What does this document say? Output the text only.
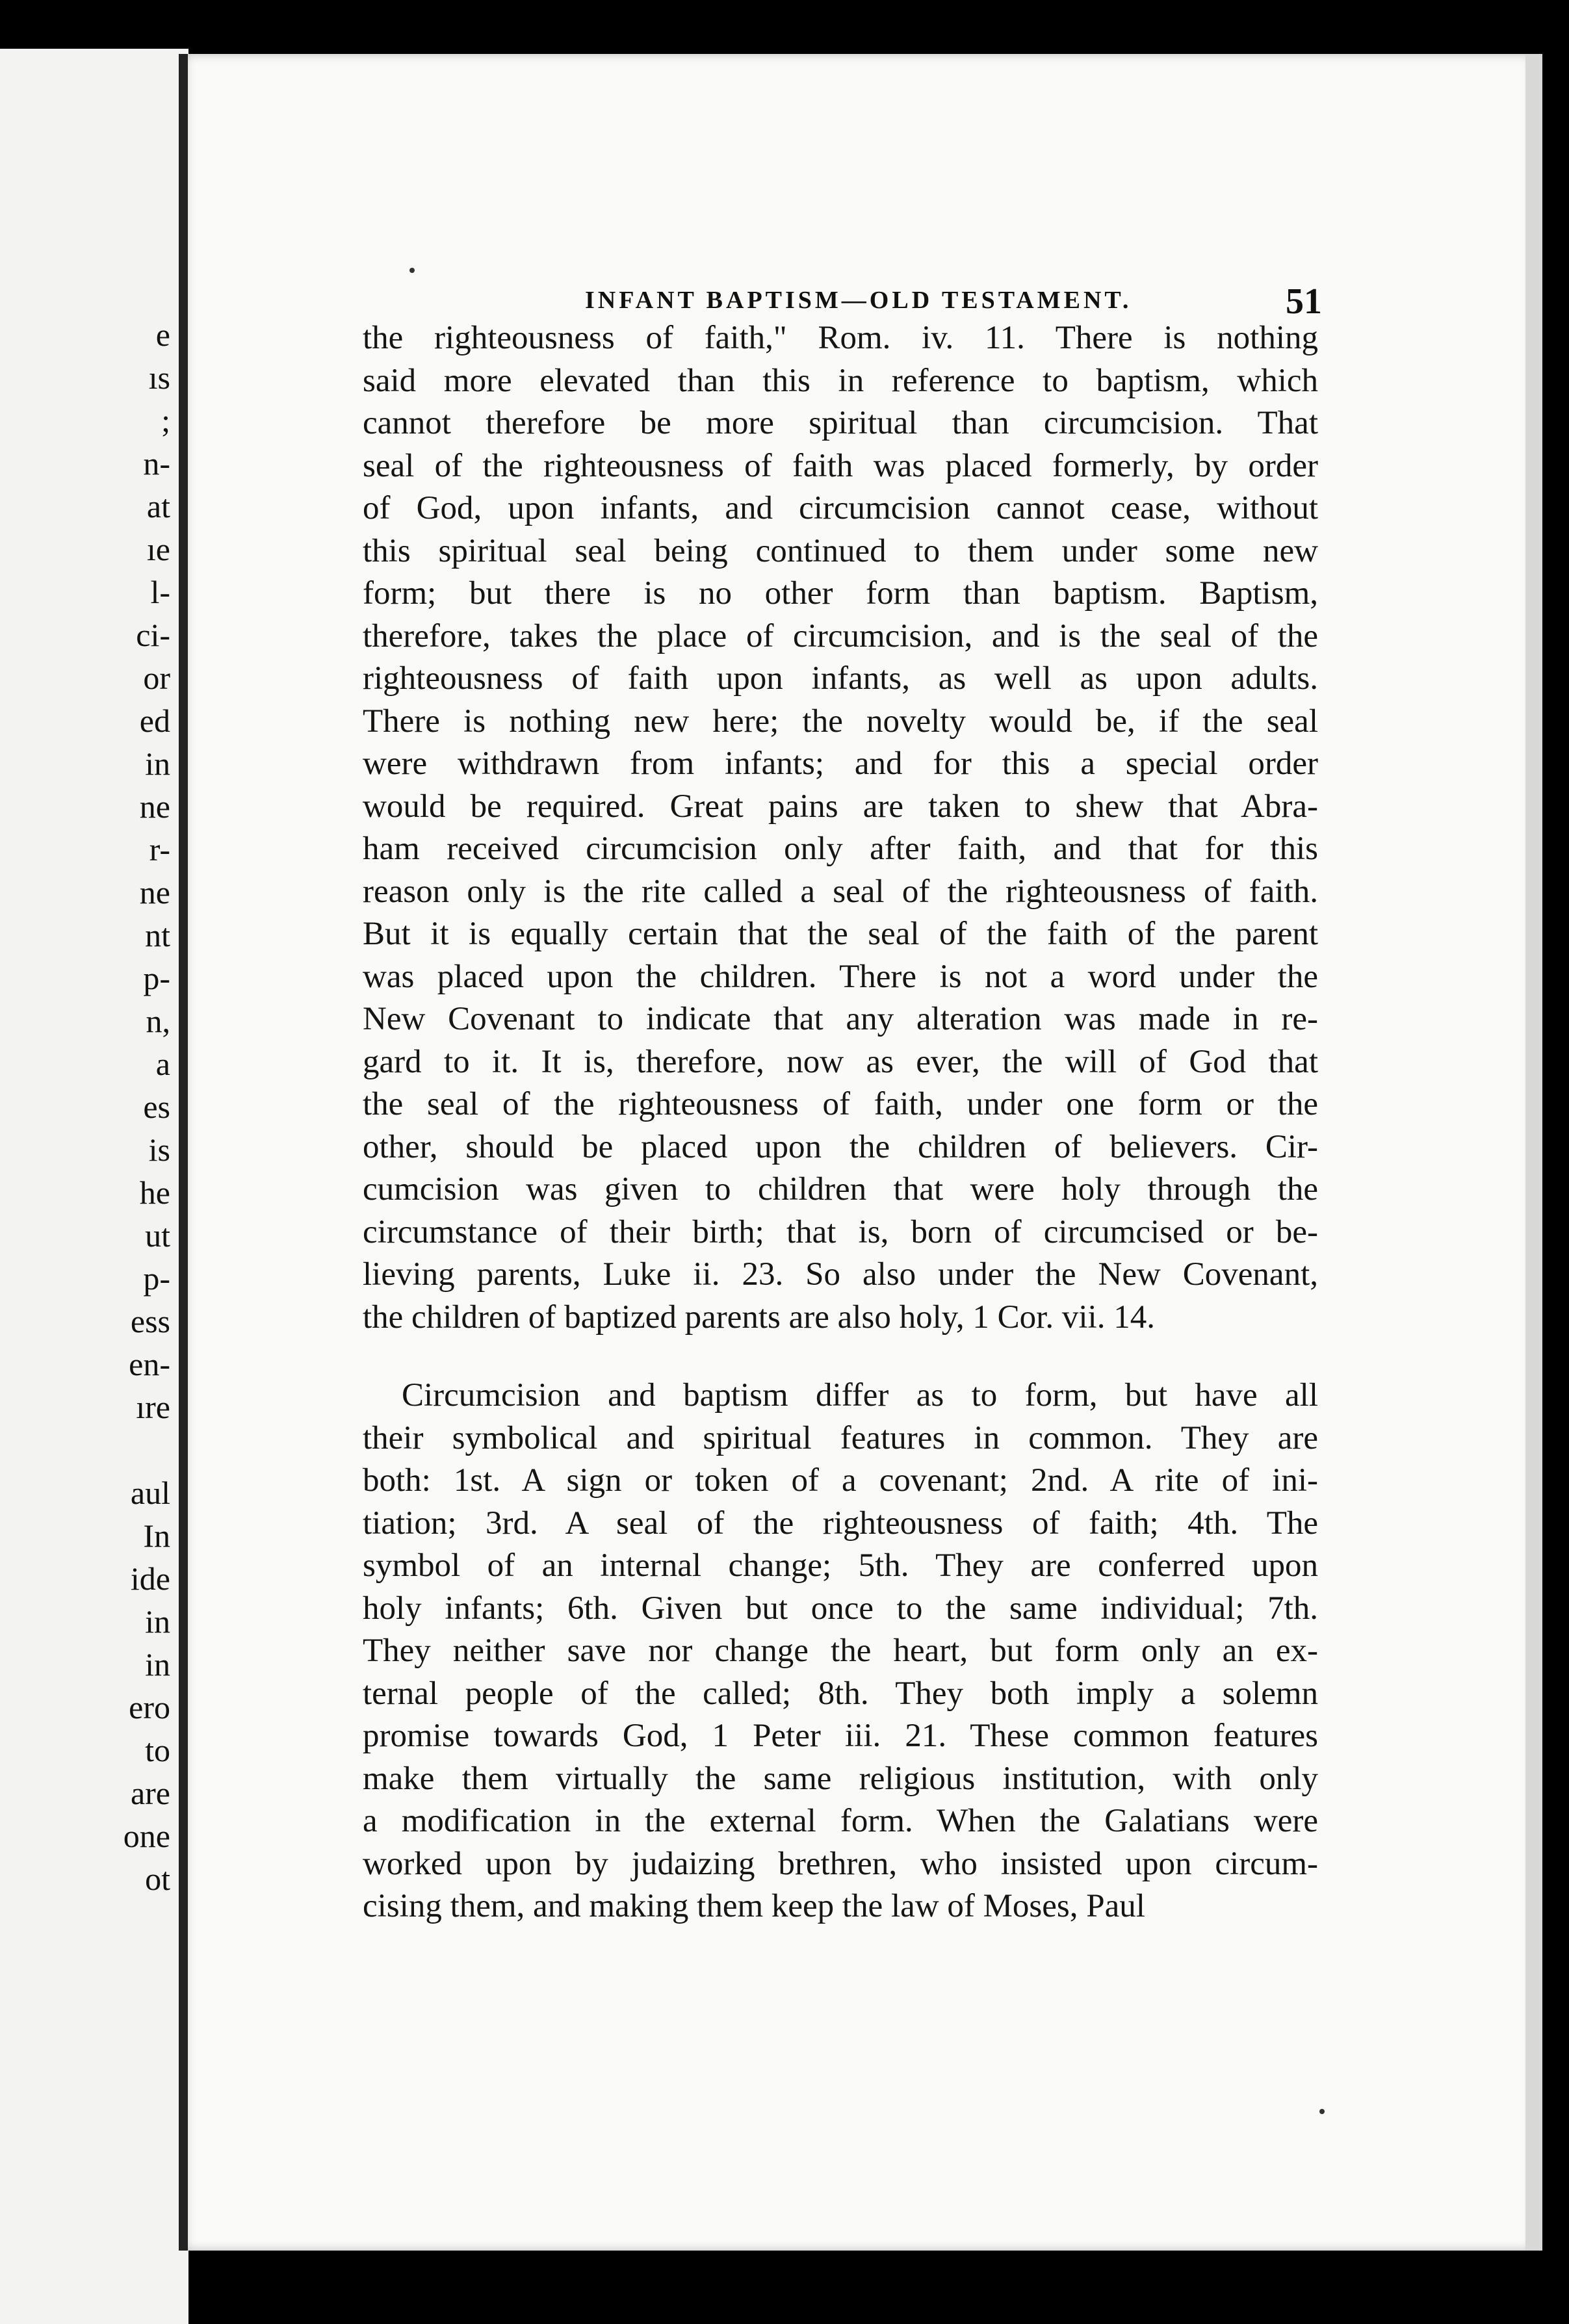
e
ıs
;
n-
at
ıe
l-
ci-
or
ed
in
ne
r-
ne
nt
p-
n,
a
es
is
he
ut
p-
ess
en-
ıre
aul
In
ide
in
in
ero
to
are
one
ot
INFANT BAPTISM—OLD TESTAMENT.	51

the righteousness of faith," Rom. iv. 11. There is nothing

said more elevated than this in reference to baptism, which

cannot therefore be more spiritual than circumcision. That

seal of the righteousness of faith was placed formerly, by order

of God, upon infants, and circumcision cannot cease, without

this spiritual seal being continued to them under some new

form; but there is no other form than baptism. Baptism,

therefore, takes the place of circumcision, and is the seal of the

righteousness of faith upon infants, as well as upon adults.

There is nothing new here; the novelty would be, if the seal

were withdrawn from infants; and for this a special order

would be required. Great pains are taken to shew that Abra-

ham received circumcision only after faith, and that for this

reason only is the rite called a seal of the righteousness of faith.

But it is equally certain that the seal of the faith of the parent

was placed upon the children. There is not a word under the

New Covenant to indicate that any alteration was made in re-

gard to it. It is, therefore, now as ever, the will of God that

the seal of the righteousness of faith, under one form or the

other, should be placed upon the children of believers. Cir-

cumcision was given to children that were holy through the

circumstance of their birth; that is, born of circumcised or be-

lieving parents, Luke ii. 23. So also under the New Covenant,

the children of baptized parents are also holy, 1 Cor. vii. 14.

Circumcision and baptism differ as to form, but have all

their symbolical and spiritual features in common. They are

both: 1st. A sign or token of a covenant; 2nd. A rite of ini-

tiation; 3rd. A seal of the righteousness of faith; 4th. The

symbol of an internal change; 5th. They are conferred upon

holy infants; 6th. Given but once to the same individual; 7th.

They neither save nor change the heart, but form only an ex-

ternal people of the called; 8th. They both imply a solemn

promise towards God, 1 Peter iii. 21. These common features

make them virtually the same religious institution, with only

a modification in the external form. When the Galatians were

worked upon by judaizing brethren, who insisted upon circum-

cising them, and making them keep the law of Moses, Paul
